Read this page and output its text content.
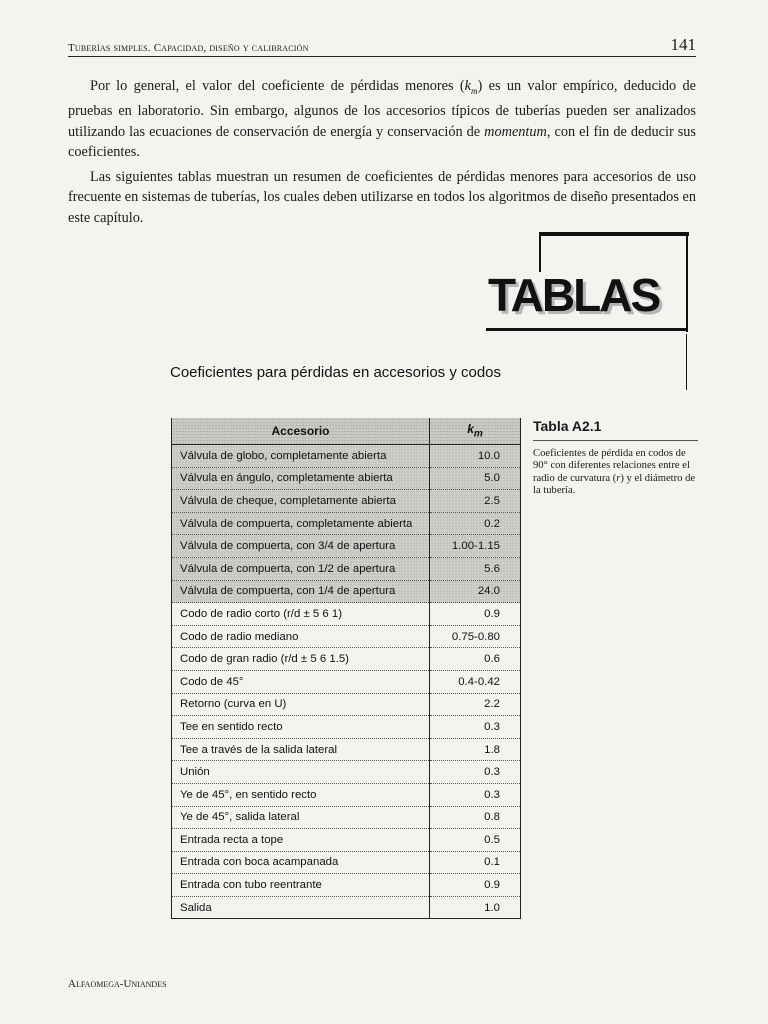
Tuberías simples. Capacidad, diseño y calibración	141

Por lo general, el valor del coeficiente de pérdidas menores $(k_m)$ es un valor empírico, deducido de pruebas en laboratorio. Sin embargo, algunos de los accesorios típicos de tuberías pueden ser analizados utilizando las ecuaciones de conservación de energía y conservación de momentum, con el fin de deducir sus coeficientes.

Las siguientes tablas muestran un resumen de coeficientes de pérdidas menores para accesorios de uso frecuente en sistemas de tuberías, los cuales deben utilizarse en todos los algoritmos de diseño presentados en este capítulo.

TABLAS
Coeficientes para pérdidas en accesorios y codos
Accesorio	$k_m$
Válvula de globo, completamente abierta	10.0
Válvula en ángulo, completamente abierta	5.0
Válvula de cheque, completamente abierta	2.5
Válvula de compuerta, completamente abierta	0.2
Válvula de compuerta, con 3/4 de apertura	1.00-1.15
Válvula de compuerta, con 1/2 de apertura	5.6
Válvula de compuerta, con 1/4 de apertura	24.0
Codo de radio corto (r/d ± 5 6 1)	0.9
Codo de radio mediano	0.75-0.80
Codo de gran radio (r/d ± 5 6 1.5)	0.6
Codo de 45°	0.4-0.42
Retorno (curva en U)	2.2
Tee en sentido recto	0.3
Tee a través de la salida lateral	1.8
Unión	0.3
Ye de 45°, en sentido recto	0.3
Ye de 45°, salida lateral	0.8
Entrada recta a tope	0.5
Entrada con boca acampanada	0.1
Entrada con tubo reentrante	0.9
Salida	1.0
Tabla A2.1
Coeficientes de pérdida en codos de 90° con diferentes relaciones entre el radio de curvatura (r) y el diámetro de la tubería.
Alfaomega-Uniandes
